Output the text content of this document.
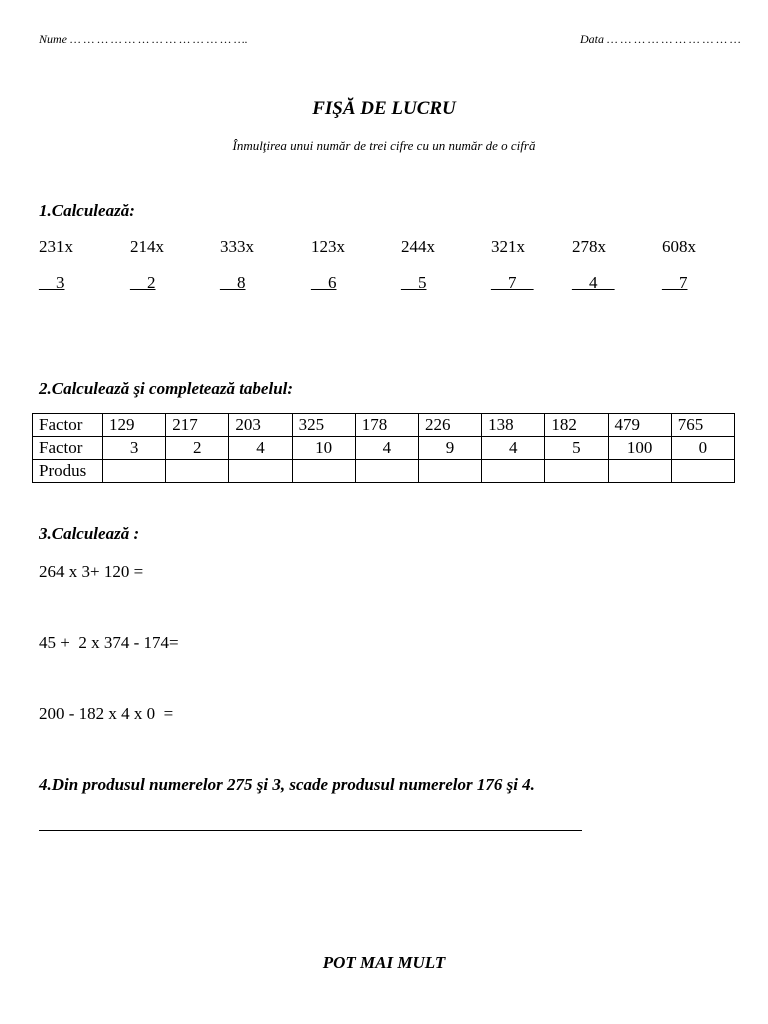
Nume … … … … … … … … … … … … ….	Data … … … … … … … … … …
FIŞĂ DE LUCRU
Înmulţirea unui număr de trei cifre cu un număr de o cifră
1.Calculează:
231x	214x	333x	123x	244x	321x	278x	608x
__3	__2	__8	__6	__5	__7__ __4__	__7
2.Calculează şi completează tabelul:
Factor	129	217	203	325	178	226	138	182	479	765
Factor	3	2	4	10	4	9	4	5	100	0
Produs										
3.Calculează :
264 x 3+ 120 =
45 +  2 x 374 - 174=
200 - 182 x 4 x 0  =
4.Din produsul numerelor 275 şi 3, scade produsul numerelor 176 şi 4.
POT MAI MULT
